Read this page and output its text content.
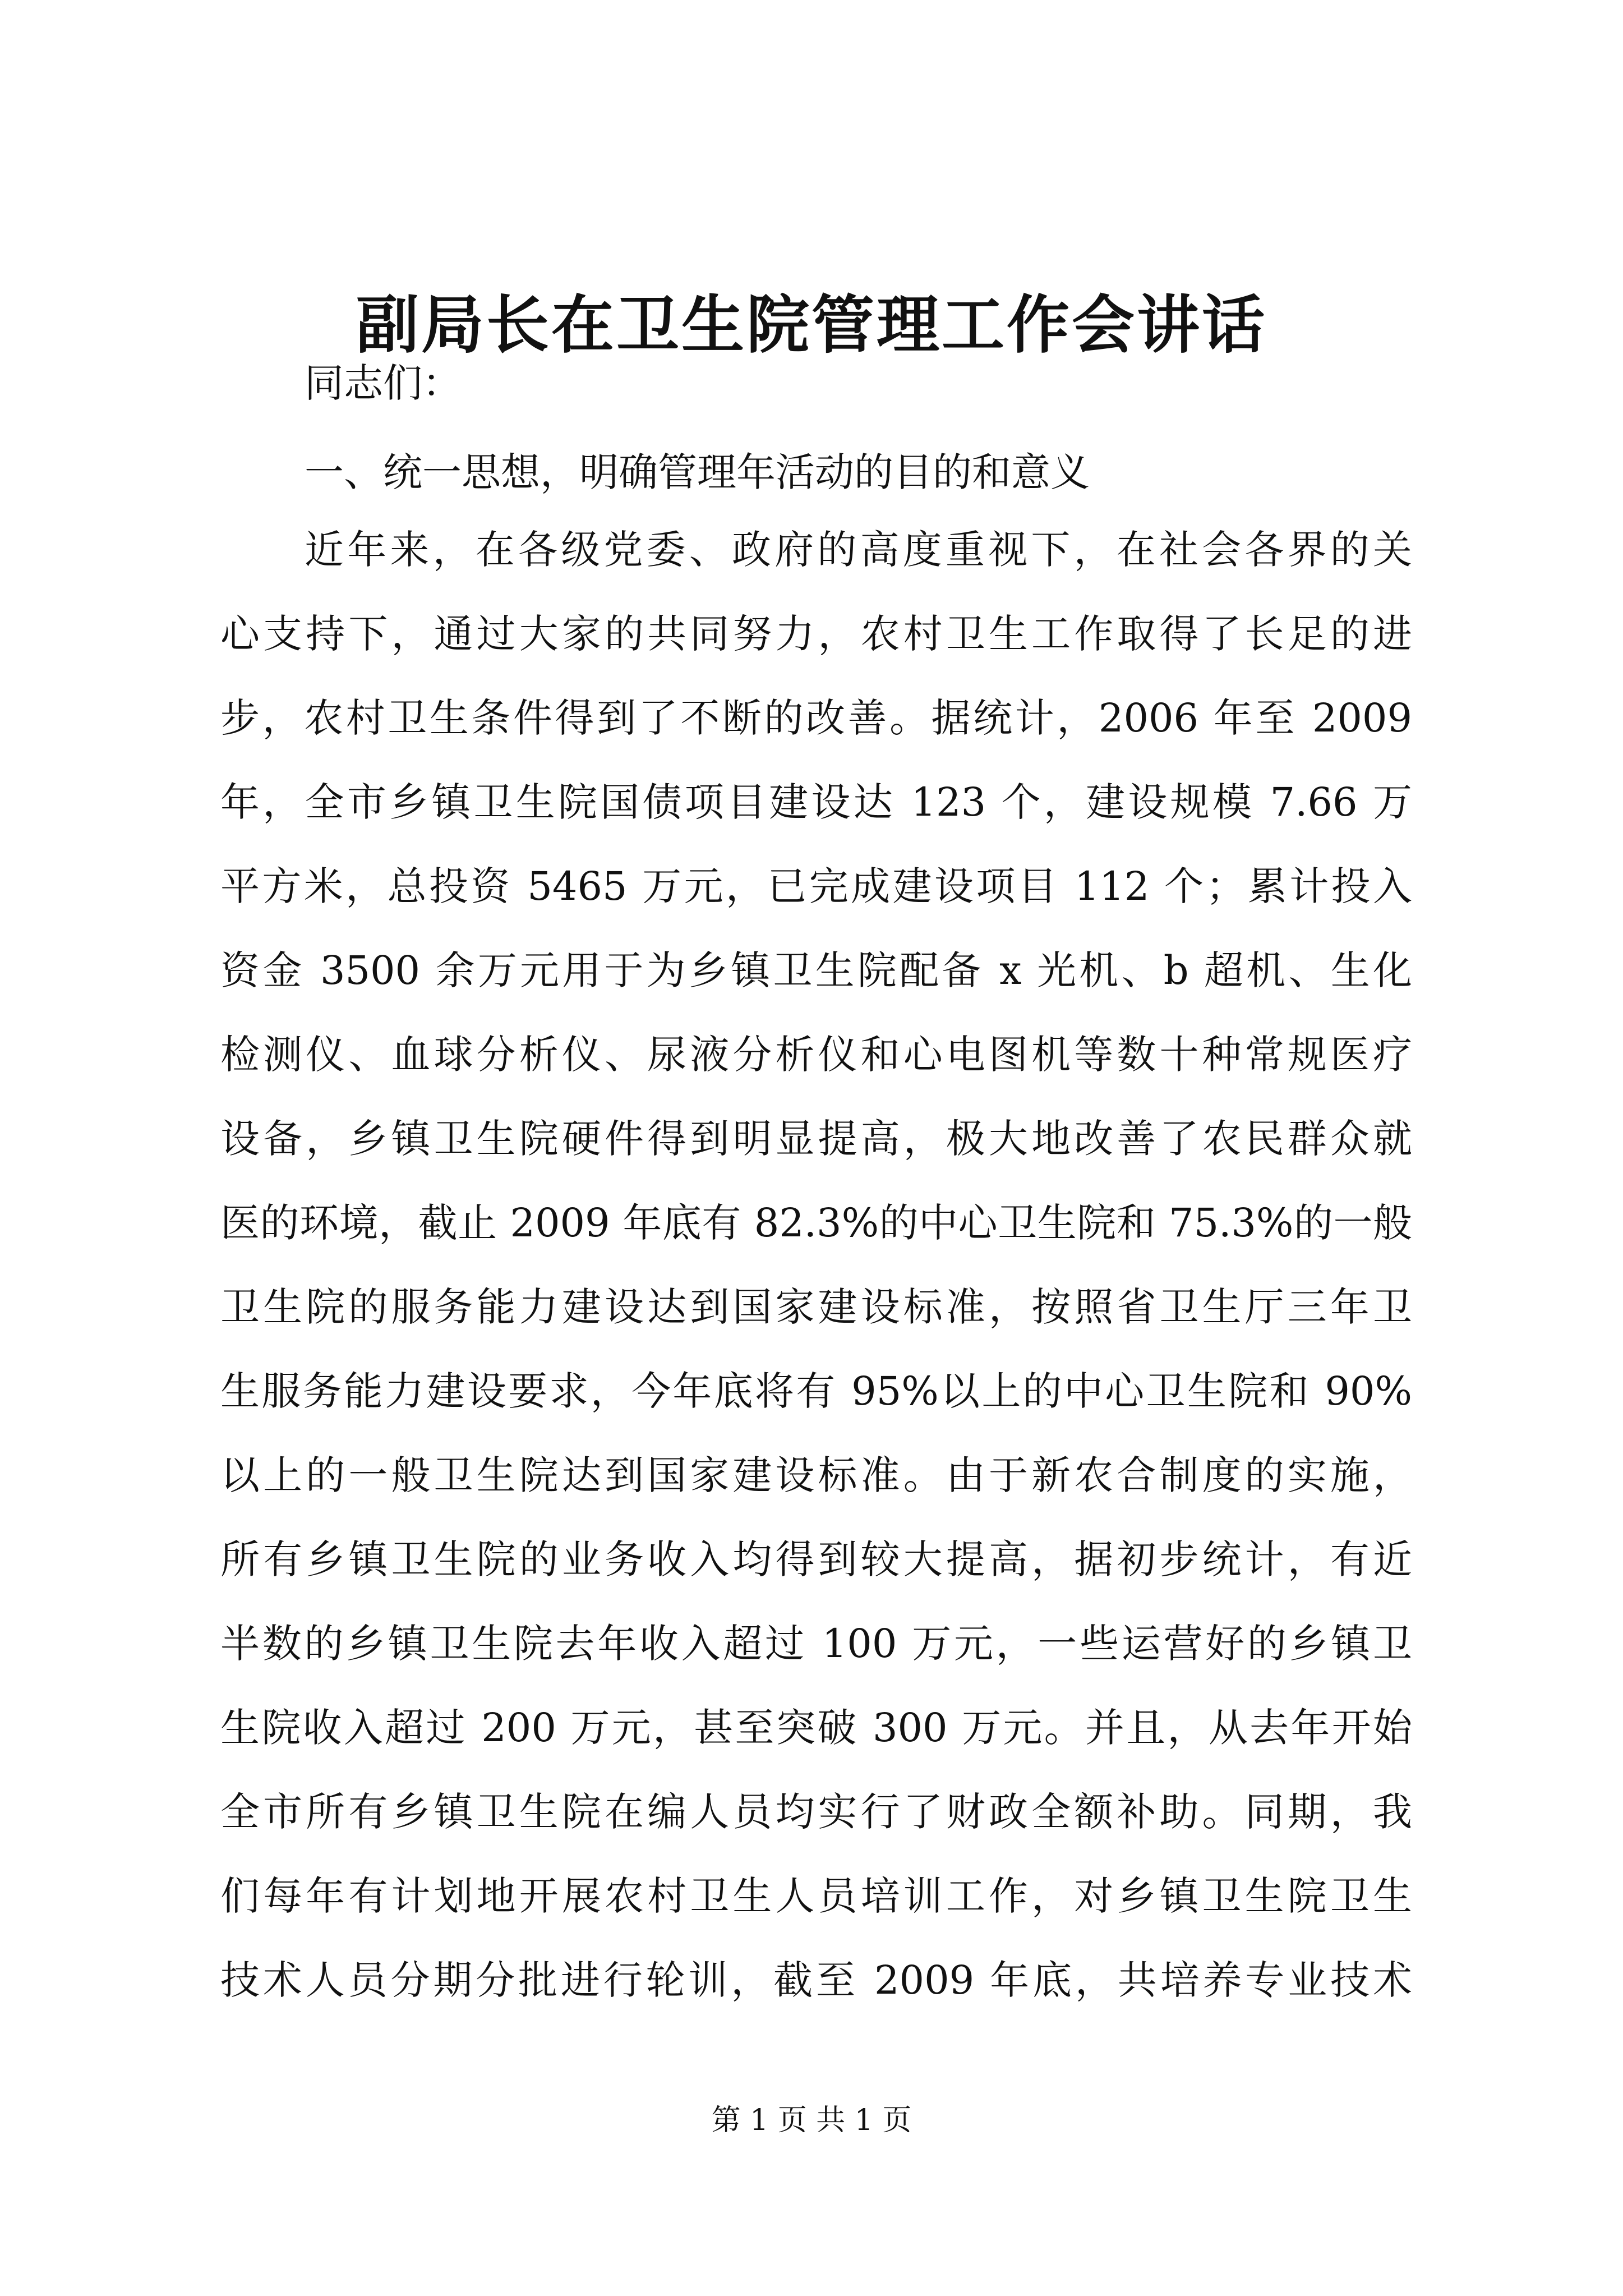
副局长在卫生院管理工作会讲话
同志们：
一、统一思想，明确管理年活动的目的和意义
近年来，在各级党委、政府的高度重视下，在社会各界的关
心支持下，通过大家的共同努力，农村卫生工作取得了长足的进
步，农村卫生条件得到了不断的改善。据统计，2006 年至 2009
年，全市乡镇卫生院国债项目建设达 123 个，建设规模 7.66 万
平方米，总投资 5465 万元，已完成建设项目 112 个；累计投入
资金 3500 余万元用于为乡镇卫生院配备 x 光机、b 超机、生化
检测仪、血球分析仪、尿液分析仪和心电图机等数十种常规医疗
设备，乡镇卫生院硬件得到明显提高，极大地改善了农民群众就
医的环境，截止 2009 年底有 82.3%的中心卫生院和 75.3%的一般
卫生院的服务能力建设达到国家建设标准，按照省卫生厅三年卫
生服务能力建设要求，今年底将有 95%以上的中心卫生院和 90%
以上的一般卫生院达到国家建设标准。由于新农合制度的实施，
所有乡镇卫生院的业务收入均得到较大提高，据初步统计，有近
半数的乡镇卫生院去年收入超过 100 万元，一些运营好的乡镇卫
生院收入超过 200 万元，甚至突破 300 万元。并且，从去年开始
全市所有乡镇卫生院在编人员均实行了财政全额补助。同期，我
们每年有计划地开展农村卫生人员培训工作，对乡镇卫生院卫生
技术人员分期分批进行轮训，截至 2009 年底，共培养专业技术
第 1 页 共 1 页
